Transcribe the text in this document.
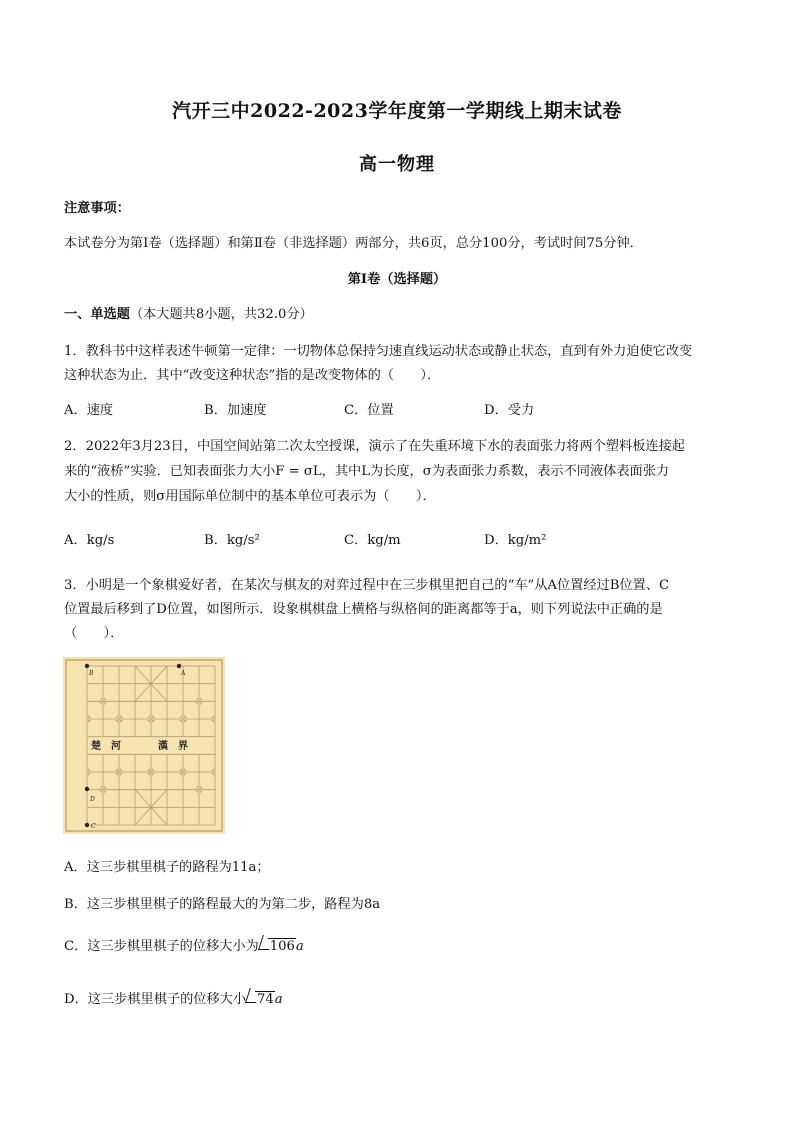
汽开三中2022-2023学年度第一学期线上期末试卷
高一物理
注意事项：
本试卷分为第Ⅰ卷（选择题）和第Ⅱ卷（非选择题）两部分，共6页，总分100分，考试时间75分钟．
第Ⅰ卷（选择题）
一、单选题（本大题共8小题，共32.0分）
1．教科书中这样表述牛顿第一定律：一切物体总保持匀速直线运动状态或静止状态，直到有外力迫使它改变
这种状态为止．其中“改变这种状态”指的是改变物体的（　　）．
A．速度	B．加速度	C．位置	D．受力
2．2022年3月23日，中国空间站第二次太空授课，演示了在失重环境下水的表面张力将两个塑料板连接起
来的“液桥”实验．已知表面张力大小F = σL，其中L为长度，σ为表面张力系数，表示不同液体表面张力
大小的性质，则σ用国际单位制中的基本单位可表示为（　　）．
A．kg/s	B．kg/s²	C．kg/m	D．kg/m²
3．小明是一个象棋爱好者，在某次与棋友的对弈过程中在三步棋里把自己的“车”从A位置经过B位置、C
位置最后移到了D位置，如图所示．设象棋棋盘上横格与纵格间的距离都等于a，则下列说法中正确的是
（　　）．
楚　河	漢　界
B	A
D
C
A．这三步棋里棋子的路程为11a；
B．这三步棋里棋子的路程最大的为第二步，路程为8a
C．这三步棋里棋子的位移大小为 106a
D．这三步棋里棋子的位移大小 74a
